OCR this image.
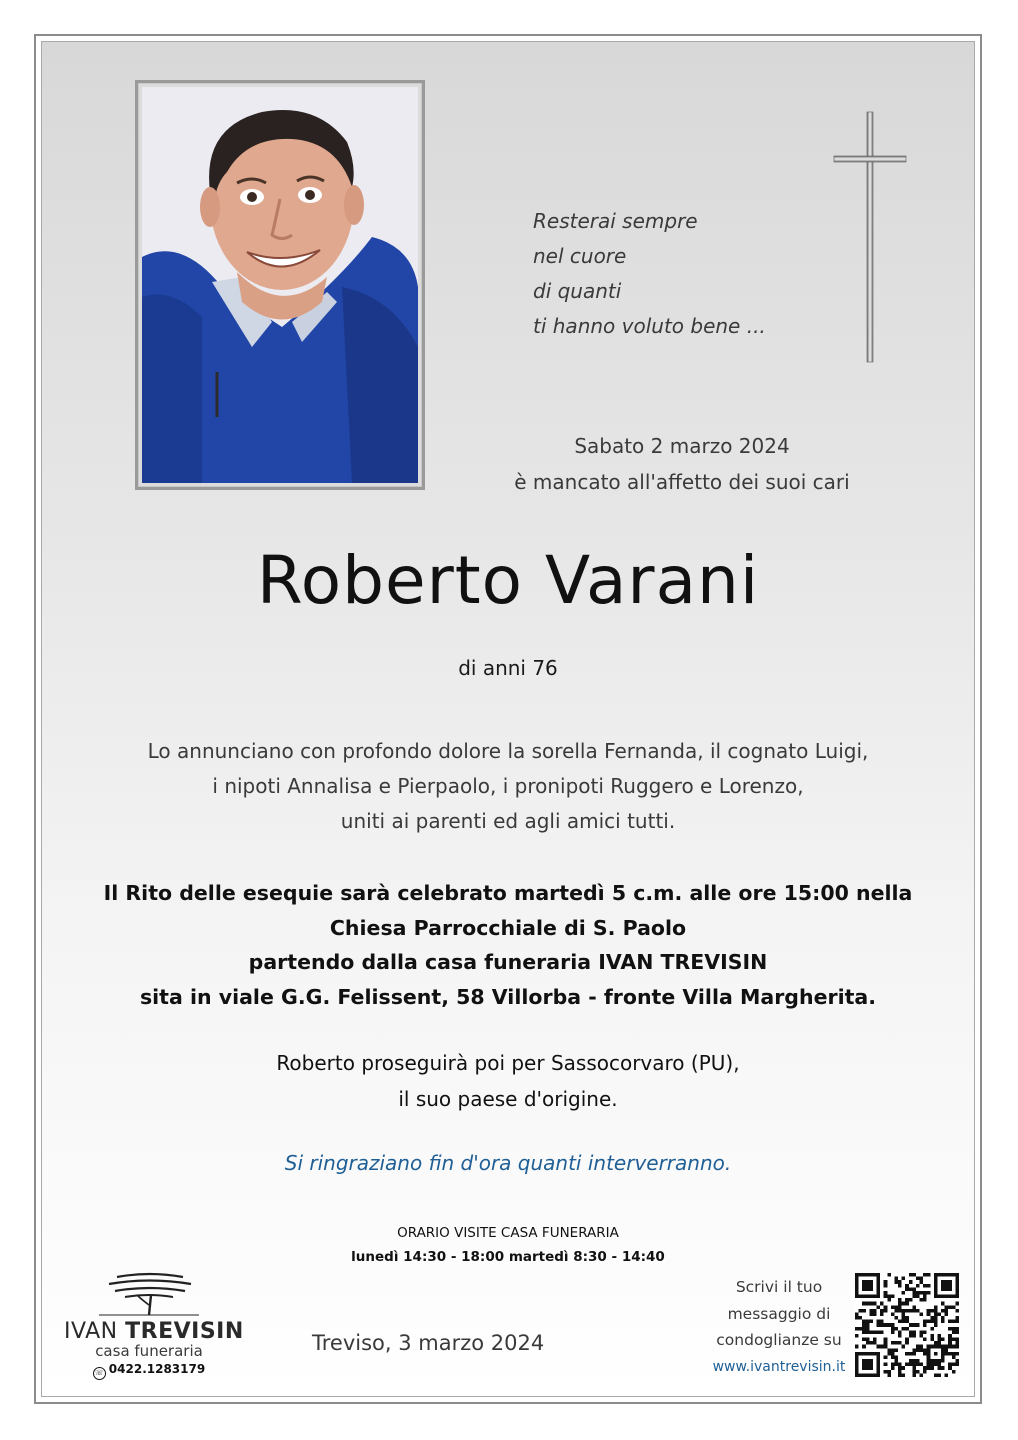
Resterai sempre
nel cuore
di quanti
ti hanno voluto bene ...
Sabato 2 marzo 2024
è mancato all'affetto dei suoi cari
Roberto Varani
di anni 76
Lo annunciano con profondo dolore la sorella Fernanda, il cognato Luigi,
i nipoti Annalisa e Pierpaolo, i pronipoti Ruggero e Lorenzo,
uniti ai parenti ed agli amici tutti.
Il Rito delle esequie sarà celebrato martedì 5 c.m. alle ore 15:00 nella
Chiesa Parrocchiale di S. Paolo
partendo dalla casa funeraria IVAN TREVISIN
sita in viale G.G. Felissent, 58 Villorba - fronte Villa Margherita.
Roberto proseguirà poi per Sassocorvaro (PU),
il suo paese d'origine.
Si ringraziano fin d'ora quanti interverranno.
ORARIO VISITE CASA FUNERARIA
lunedì 14:30 - 18:00 martedì 8:30 - 14:40
IVAN TREVISIN
casa funeraria
☏ 0422.1283179
Treviso, 3 marzo 2024
Scrivi il tuo
messaggio di
condoglianze su
www.ivantrevisin.it
